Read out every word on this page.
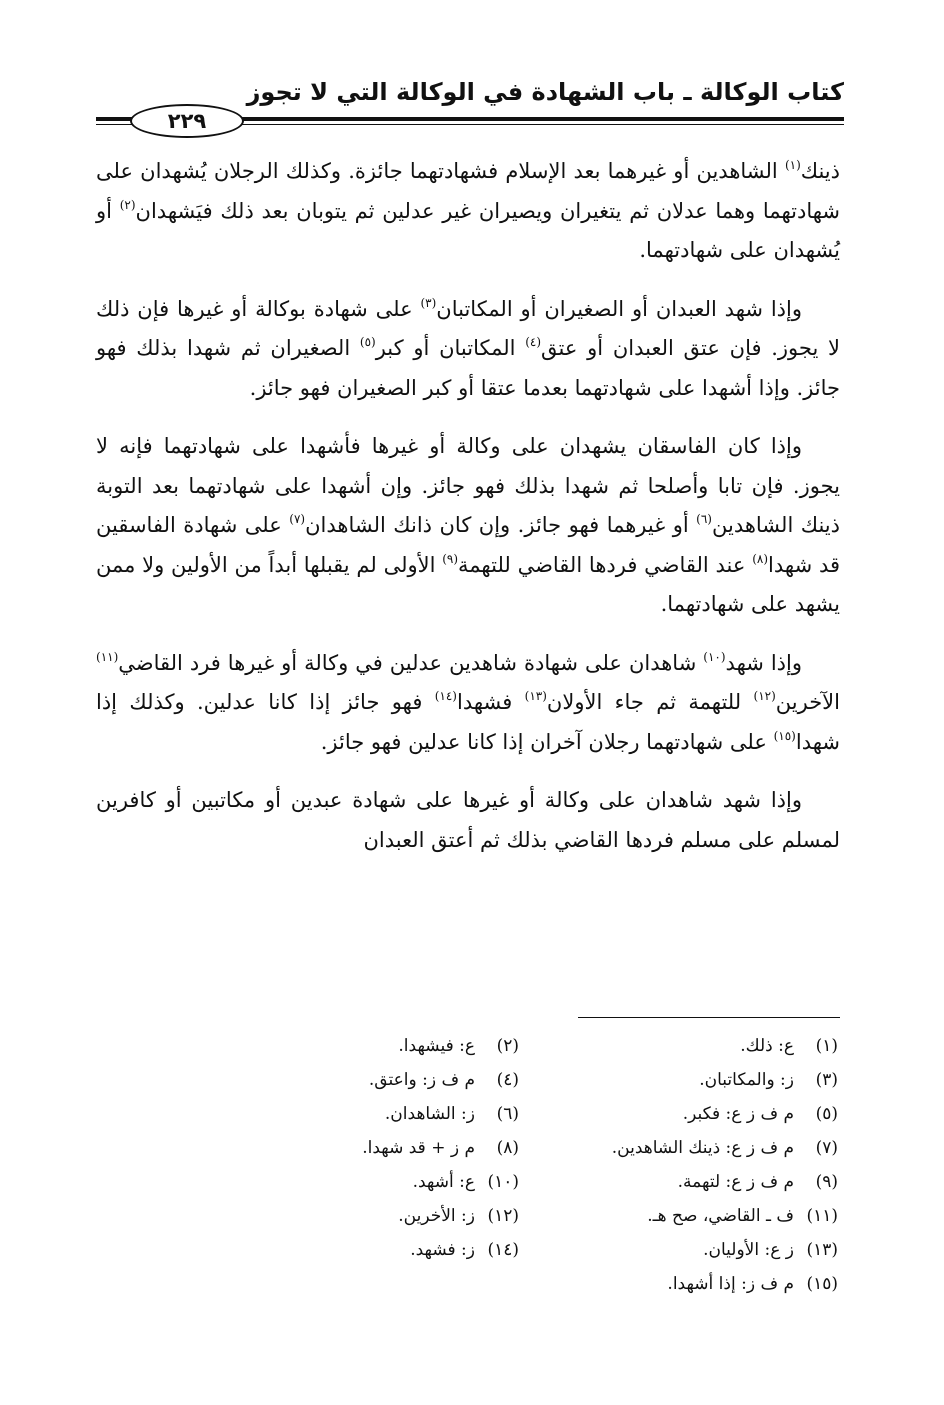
كتاب الوكالة ـ باب الشهادة في الوكالة التي لا تجوز
٢٢٩

ذينك$^{(١)}$ الشاهدين أو غيرهما بعد الإسلام فشهادتهما جائزة. وكذلك الرجلان يُشهدان على شهادتهما وهما عدلان ثم يتغيران ويصيران غير عدلين ثم يتوبان بعد ذلك فيَشهدان$^{(٢)}$ أو يُشهدان على شهادتهما.

وإذا شهد العبدان أو الصغيران أو المكاتبان$^{(٣)}$ على شهادة بوكالة أو غيرها فإن ذلك لا يجوز. فإن عتق العبدان أو عتق$^{(٤)}$ المكاتبان أو كبر$^{(٥)}$ الصغيران ثم شهدا بذلك فهو جائز. وإذا أشهدا على شهادتهما بعدما عتقا أو كبر الصغيران فهو جائز.

وإذا كان الفاسقان يشهدان على وكالة أو غيرها فأشهدا على شهادتهما فإنه لا يجوز. فإن تابا وأصلحا ثم شهدا بذلك فهو جائز. وإن أشهدا على شهادتهما بعد التوبة ذينك الشاهدين$^{(٦)}$ أو غيرهما فهو جائز. وإن كان ذانك الشاهدان$^{(٧)}$ على شهادة الفاسقين قد شهدا$^{(٨)}$ عند القاضي فردها القاضي للتهمة$^{(٩)}$ الأولى لم يقبلها أبداً من الأولين ولا ممن يشهد على شهادتهما.

وإذا شهد$^{(١٠)}$ شاهدان على شهادة شاهدين عدلين في وكالة أو غيرها فرد القاضي$^{(١١)}$ الآخرين$^{(١٢)}$ للتهمة ثم جاء الأولان$^{(١٣)}$ فشهدا$^{(١٤)}$ فهو جائز إذا كانا عدلين. وكذلك إذا شهدا$^{(١٥)}$ على شهادتهما رجلان آخران إذا كانا عدلين فهو جائز.

وإذا شهد شاهدان على وكالة أو غيرها على شهادة عبدين أو مكاتبين أو كافرين لمسلم على مسلم فردها القاضي بذلك ثم أعتق العبدان

(١)ع: ذلك.
(٢)ع: فيشهدا.
(٣)ز: والمكاتبان.
(٤)م ف ز: واعتق.
(٥)م ف ز ع: فكبر.
(٦)ز: الشاهدان.
(٧)م ف ز ع: ذينك الشاهدين.
(٨)م ز + قد شهدا.
(٩)م ف ز ع: لتهمة.
(١٠)ع: أشهد.
(١١)ف ـ القاضي، صح هـ.
(١٢)ز: الأخرين.
(١٣)ز ع: الأوليان.
(١٤)ز: فشهد.
(١٥)م ف ز: إذا أشهدا.
